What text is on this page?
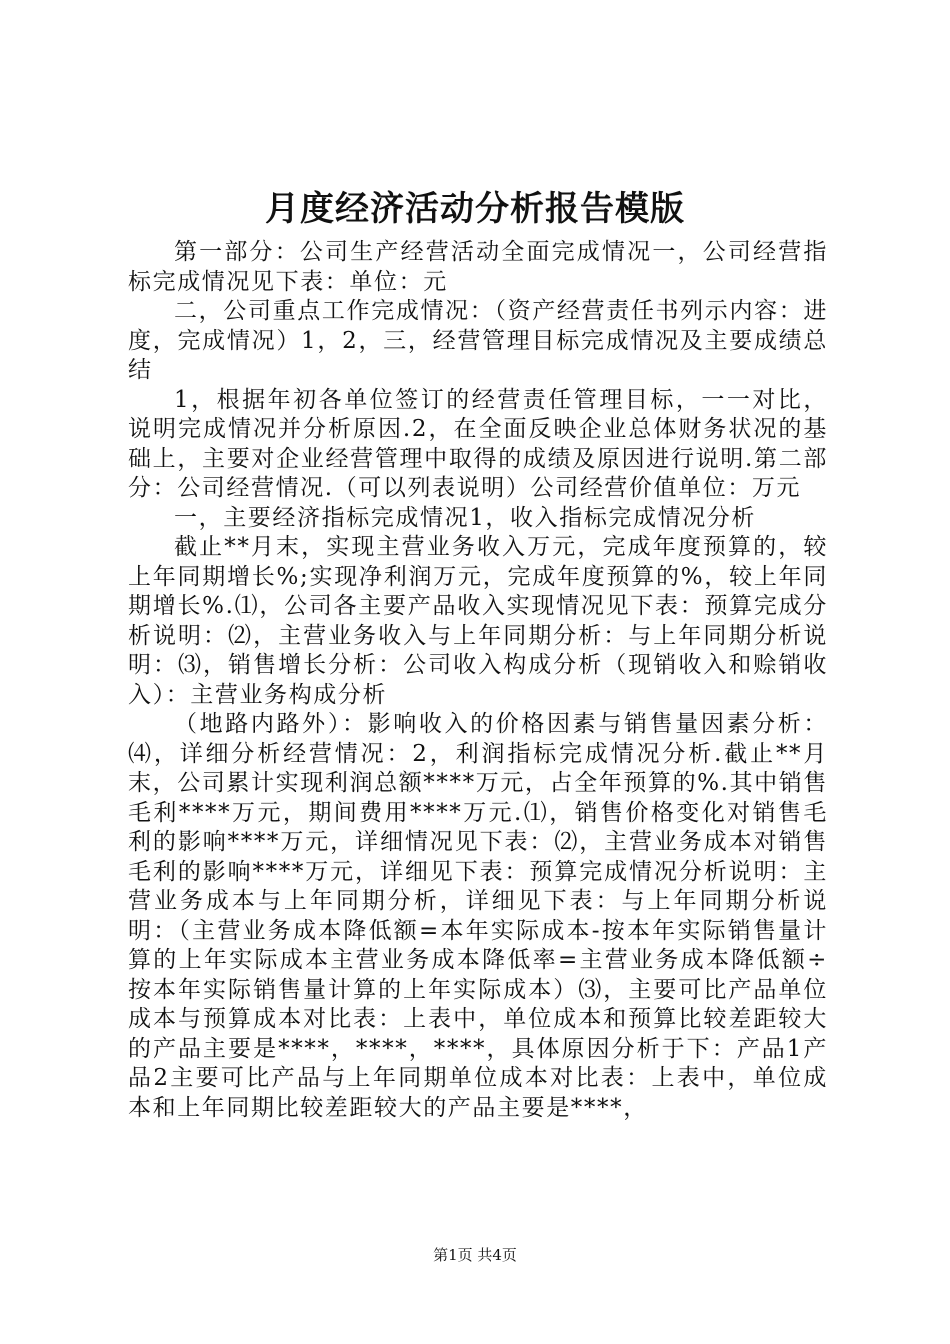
月度经济活动分析报告模版

第一部分：公司生产经营活动全面完成情况一，公司经营指标完成情况见下表：单位：元

二，公司重点工作完成情况：（资产经营责任书列示内容：进度，完成情况）1，2，三，经营管理目标完成情况及主要成绩总结

1，根据年初各单位签订的经营责任管理目标，一一对比，说明完成情况并分析原因.2，在全面反映企业总体财务状况的基础上，主要对企业经营管理中取得的成绩及原因进行说明.第二部分：公司经营情况.（可以列表说明）公司经营价值单位：万元

一，主要经济指标完成情况1，收入指标完成情况分析

截止**月末，实现主营业务收入万元，完成年度预算的，较上年同期增长%;实现净利润万元，完成年度预算的%，较上年同期增长%.⑴，公司各主要产品收入实现情况见下表：预算完成分析说明：⑵，主营业务收入与上年同期分析：与上年同期分析说明：⑶，销售增长分析：公司收入构成分析（现销收入和赊销收入）：主营业务构成分析

（地路内路外）：影响收入的价格因素与销售量因素分析：⑷，详细分析经营情况：2，利润指标完成情况分析.截止**月末，公司累计实现利润总额****万元，占全年预算的%.其中销售毛利****万元，期间费用****万元.⑴，销售价格变化对销售毛利的影响****万元，详细情况见下表：⑵，主营业务成本对销售毛利的影响****万元，详细见下表：预算完成情况分析说明：主营业务成本与上年同期分析，详细见下表：与上年同期分析说明：（主营业务成本降低额=本年实际成本-按本年实际销售量计算的上年实际成本主营业务成本降低率=主营业务成本降低额÷按本年实际销售量计算的上年实际成本）⑶，主要可比产品单位成本与预算成本对比表：上表中，单位成本和预算比较差距较大的产品主要是****，****，****，具体原因分析于下：产品1产品2主要可比产品与上年同期单位成本对比表：上表中，单位成本和上年同期比较差距较大的产品主要是****，

第1页 共4页
